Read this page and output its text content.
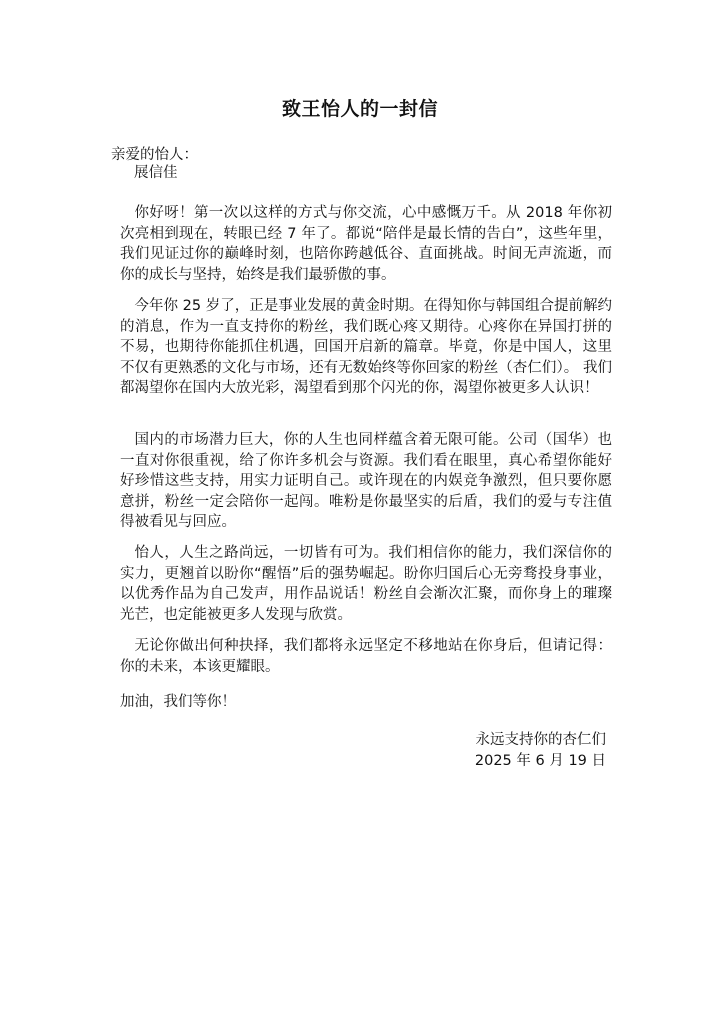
致王怡人的一封信
亲爱的怡人：
展信佳

你好呀！第一次以这样的方式与你交流，心中感慨万千。从 2018 年你初次亮相到现在，转眼已经 7 年了。都说“陪伴是最长情的告白”，这些年里，我们见证过你的巅峰时刻，也陪你跨越低谷、直面挑战。时间无声流逝，而你的成长与坚持，始终是我们最骄傲的事。

今年你 25 岁了，正是事业发展的黄金时期。在得知你与韩国组合提前解约的消息，作为一直支持你的粉丝，我们既心疼又期待。心疼你在异国打拼的不易，也期待你能抓住机遇，回国开启新的篇章。毕竟，你是中国人，这里不仅有更熟悉的文化与市场，还有无数始终等你回家的粉丝（杏仁们）。 我们都渴望你在国内大放光彩，渴望看到那个闪光的你，渴望你被更多人认识！

国内的市场潜力巨大，你的人生也同样蕴含着无限可能。公司（国华）也一直对你很重视，给了你许多机会与资源。我们看在眼里，真心希望你能好好珍惜这些支持，用实力证明自己。或许现在的内娱竞争激烈，但只要你愿意拼，粉丝一定会陪你一起闯。唯粉是你最坚实的后盾，我们的爱与专注值得被看见与回应。

怡人，人生之路尚远，一切皆有可为。我们相信你的能力，我们深信你的实力，更翘首以盼你“醒悟”后的强势崛起。盼你归国后心无旁骛投身事业，以优秀作品为自己发声，用作品说话！粉丝自会渐次汇聚，而你身上的璀璨光芒，也定能被更多人发现与欣赏。

无论你做出何种抉择，我们都将永远坚定不移地站在你身后，但请记得：你的未来，本该更耀眼。

加油，我们等你！
永远支持你的杏仁们
2025 年 6 月 19 日
